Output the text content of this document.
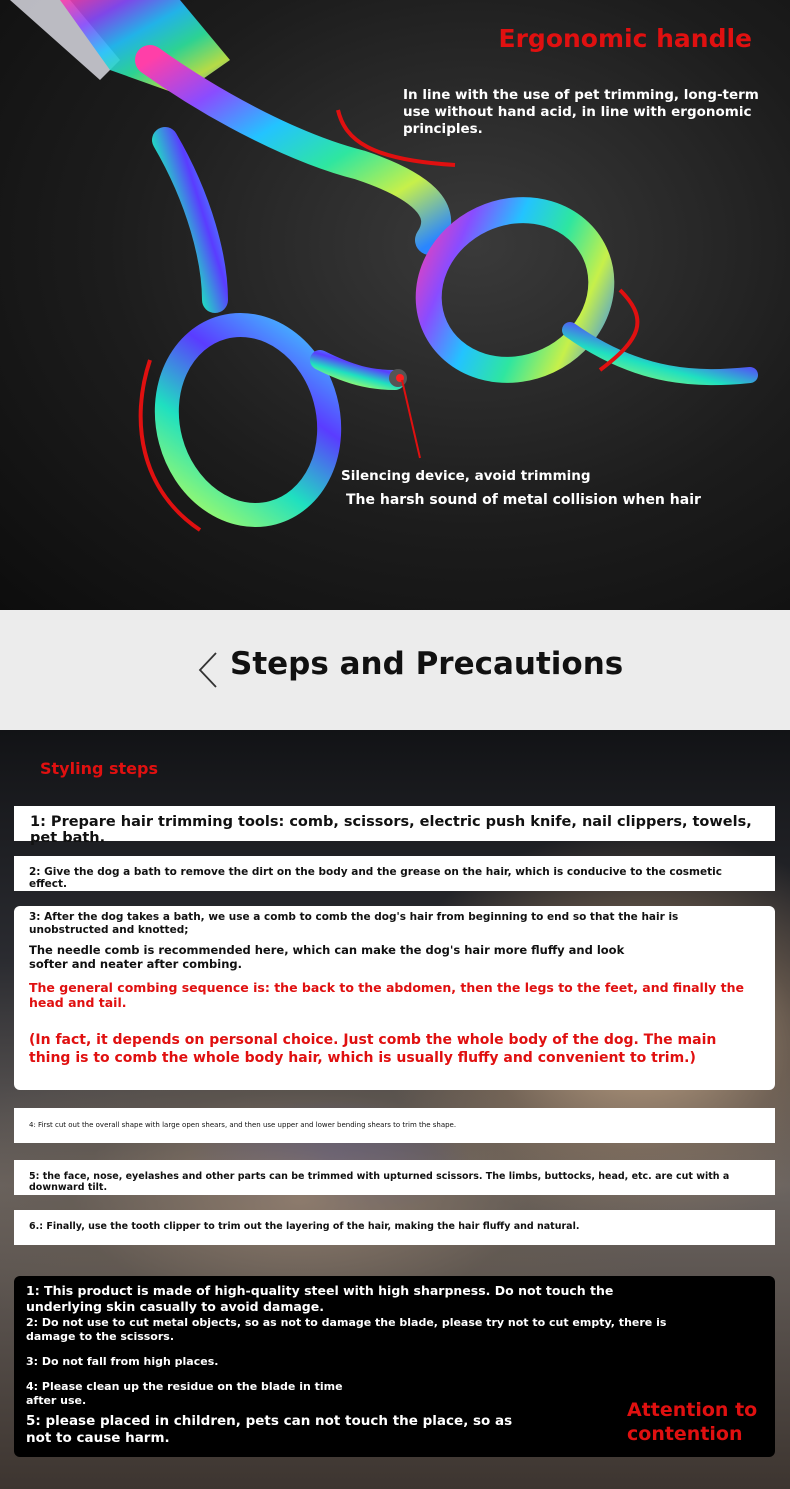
Ergonomic handle
In line with the use of pet trimming, long-term use without hand acid, in line with ergonomic principles.
Silencing device, avoid trimming
The harsh sound of metal collision when hair
Steps and Precautions
Styling steps
1: Prepare hair trimming tools: comb, scissors, electric push knife, nail clippers, towels, pet bath.
2: Give the dog a bath to remove the dirt on the body and the grease on the hair, which is conducive to the cosmetic effect.
3: After the dog takes a bath, we use a comb to comb the dog's hair from beginning to end so that the hair is unobstructed and knotted;
The needle comb is recommended here, which can make the dog's hair more fluffy and look softer and neater after combing.
The general combing sequence is: the back to the abdomen, then the legs to the feet, and finally the head and tail.
(In fact, it depends on personal choice. Just comb the whole body of the dog. The main thing is to comb the whole body hair, which is usually fluffy and convenient to trim.)
4: First cut out the overall shape with large open shears, and then use upper and lower bending shears to trim the shape.
5: the face, nose, eyelashes and other parts can be trimmed with upturned scissors. The limbs, buttocks, head, etc. are cut with a downward tilt.
6.: Finally, use the tooth clipper to trim out the layering of the hair, making the hair fluffy and natural.
1: This product is made of high-quality steel with high sharpness. Do not touch the underlying skin casually to avoid damage.
2: Do not use to cut metal objects, so as not to damage the blade, please try not to cut empty, there is damage to the scissors.
3: Do not fall from high places.
4: Please clean up the residue on the blade in time after use.
5: please placed in children, pets can not touch the place, so as not to cause harm.
Attention to contention
